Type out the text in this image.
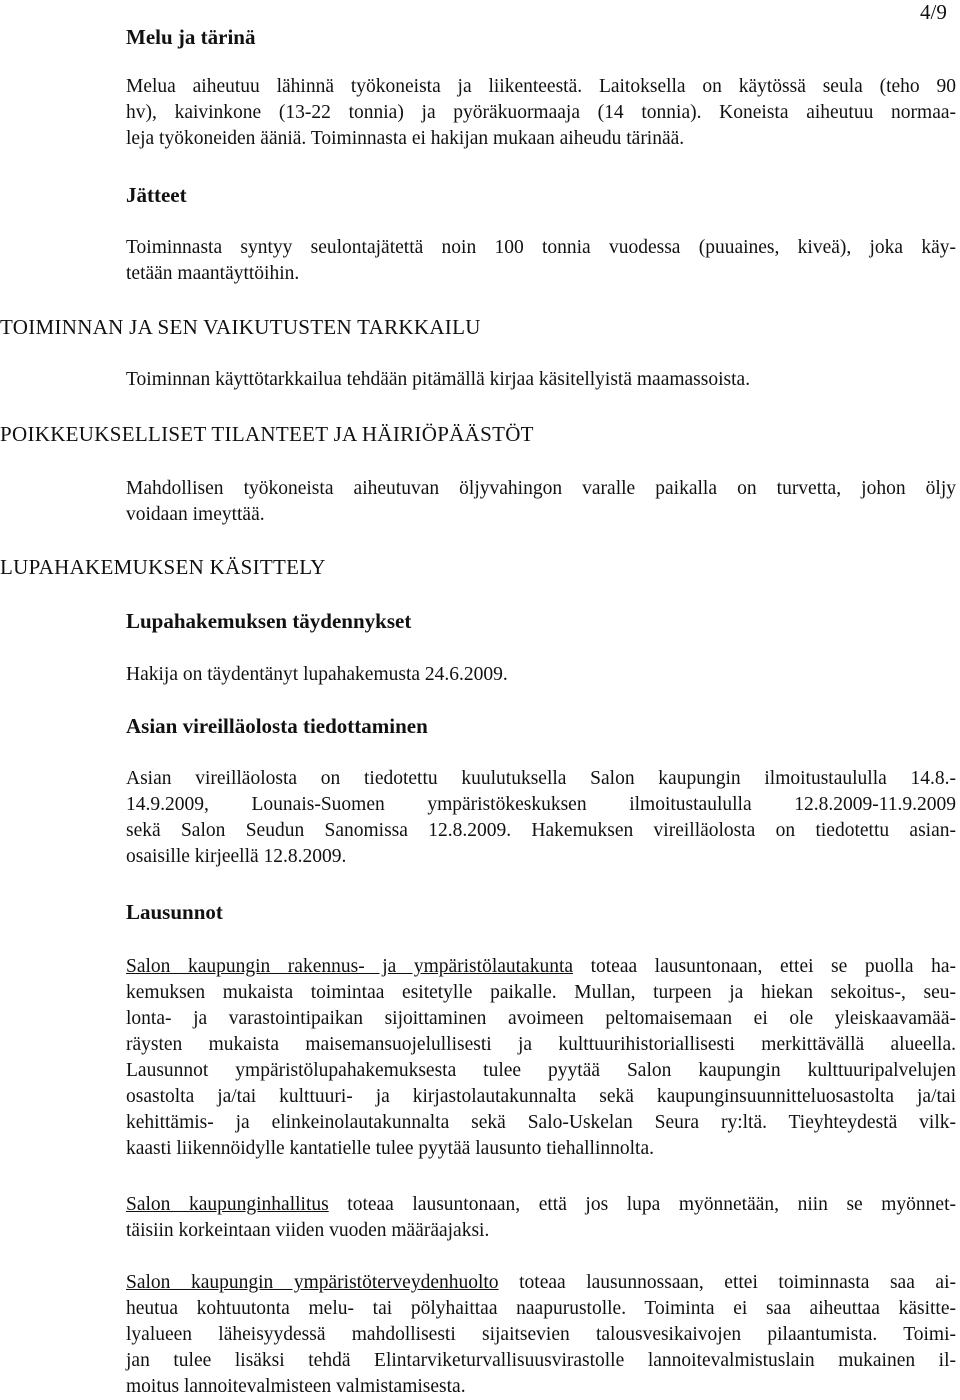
4/9
Melu ja tärinä
Melua aiheutuu lähinnä työkoneista ja liikenteestä. Laitoksella on käytössä seula (teho 90
hv), kaivinkone (13-22 tonnia) ja pyöräkuormaaja (14 tonnia). Koneista aiheutuu normaa-
leja työkoneiden ääniä. Toiminnasta ei hakijan mukaan aiheudu tärinää.
Jätteet
Toiminnasta syntyy seulontajätettä noin 100 tonnia vuodessa (puuaines, kiveä), joka käy-
tetään maantäyttöihin.
TOIMINNAN JA SEN VAIKUTUSTEN TARKKAILU
Toiminnan käyttötarkkailua tehdään pitämällä kirjaa käsitellyistä maamassoista.
POIKKEUKSELLISET TILANTEET JA HÄIRIÖPÄÄSTÖT
Mahdollisen työkoneista aiheutuvan öljyvahingon varalle paikalla on turvetta, johon öljy
voidaan imeyttää.
LUPAHAKEMUKSEN KÄSITTELY
Lupahakemuksen täydennykset
Hakija on täydentänyt lupahakemusta 24.6.2009.
Asian vireilläolosta tiedottaminen
Asian vireilläolosta on tiedotettu kuulutuksella Salon kaupungin ilmoitustaululla 14.8.-
14.9.2009, Lounais-Suomen ympäristökeskuksen ilmoitustaululla 12.8.2009-11.9.2009
sekä Salon Seudun Sanomissa 12.8.2009. Hakemuksen vireilläolosta on tiedotettu asian-
osaisille kirjeellä 12.8.2009.
Lausunnot
Salon kaupungin rakennus- ja ympäristölautakunta toteaa lausuntonaan, ettei se puolla ha-
kemuksen mukaista toimintaa esitetylle paikalle. Mullan, turpeen ja hiekan sekoitus-, seu-
lonta- ja varastointipaikan sijoittaminen avoimeen peltomaisemaan ei ole yleiskaavamää-
räysten mukaista maisemansuojelullisesti ja kulttuurihistoriallisesti merkittävällä alueella.
Lausunnot ympäristölupahakemuksesta tulee pyytää Salon kaupungin kulttuuripalvelujen
osastolta ja/tai kulttuuri- ja kirjastolautakunnalta sekä kaupunginsuunnitteluosastolta ja/tai
kehittämis- ja elinkeinolautakunnalta sekä Salo-Uskelan Seura ry:ltä. Tieyhteydestä vilk-
kaasti liikennöidylle kantatielle tulee pyytää lausunto tiehallinnolta.
Salon kaupunginhallitus toteaa lausuntonaan, että jos lupa myönnetään, niin se myönnet-
täisiin korkeintaan viiden vuoden määräajaksi.
Salon kaupungin ympäristöterveydenhuolto toteaa lausunnossaan, ettei toiminnasta saa ai-
heutua kohtuutonta melu- tai pölyhaittaa naapurustolle. Toiminta ei saa aiheuttaa käsitte-
lyalueen läheisyydessä mahdollisesti sijaitsevien talousvesikaivojen pilaantumista. Toimi-
jan tulee lisäksi tehdä Elintarviketurvallisuusvirastolle lannoitevalmistuslain mukainen il-
moitus lannoitevalmisteen valmistamisesta.
